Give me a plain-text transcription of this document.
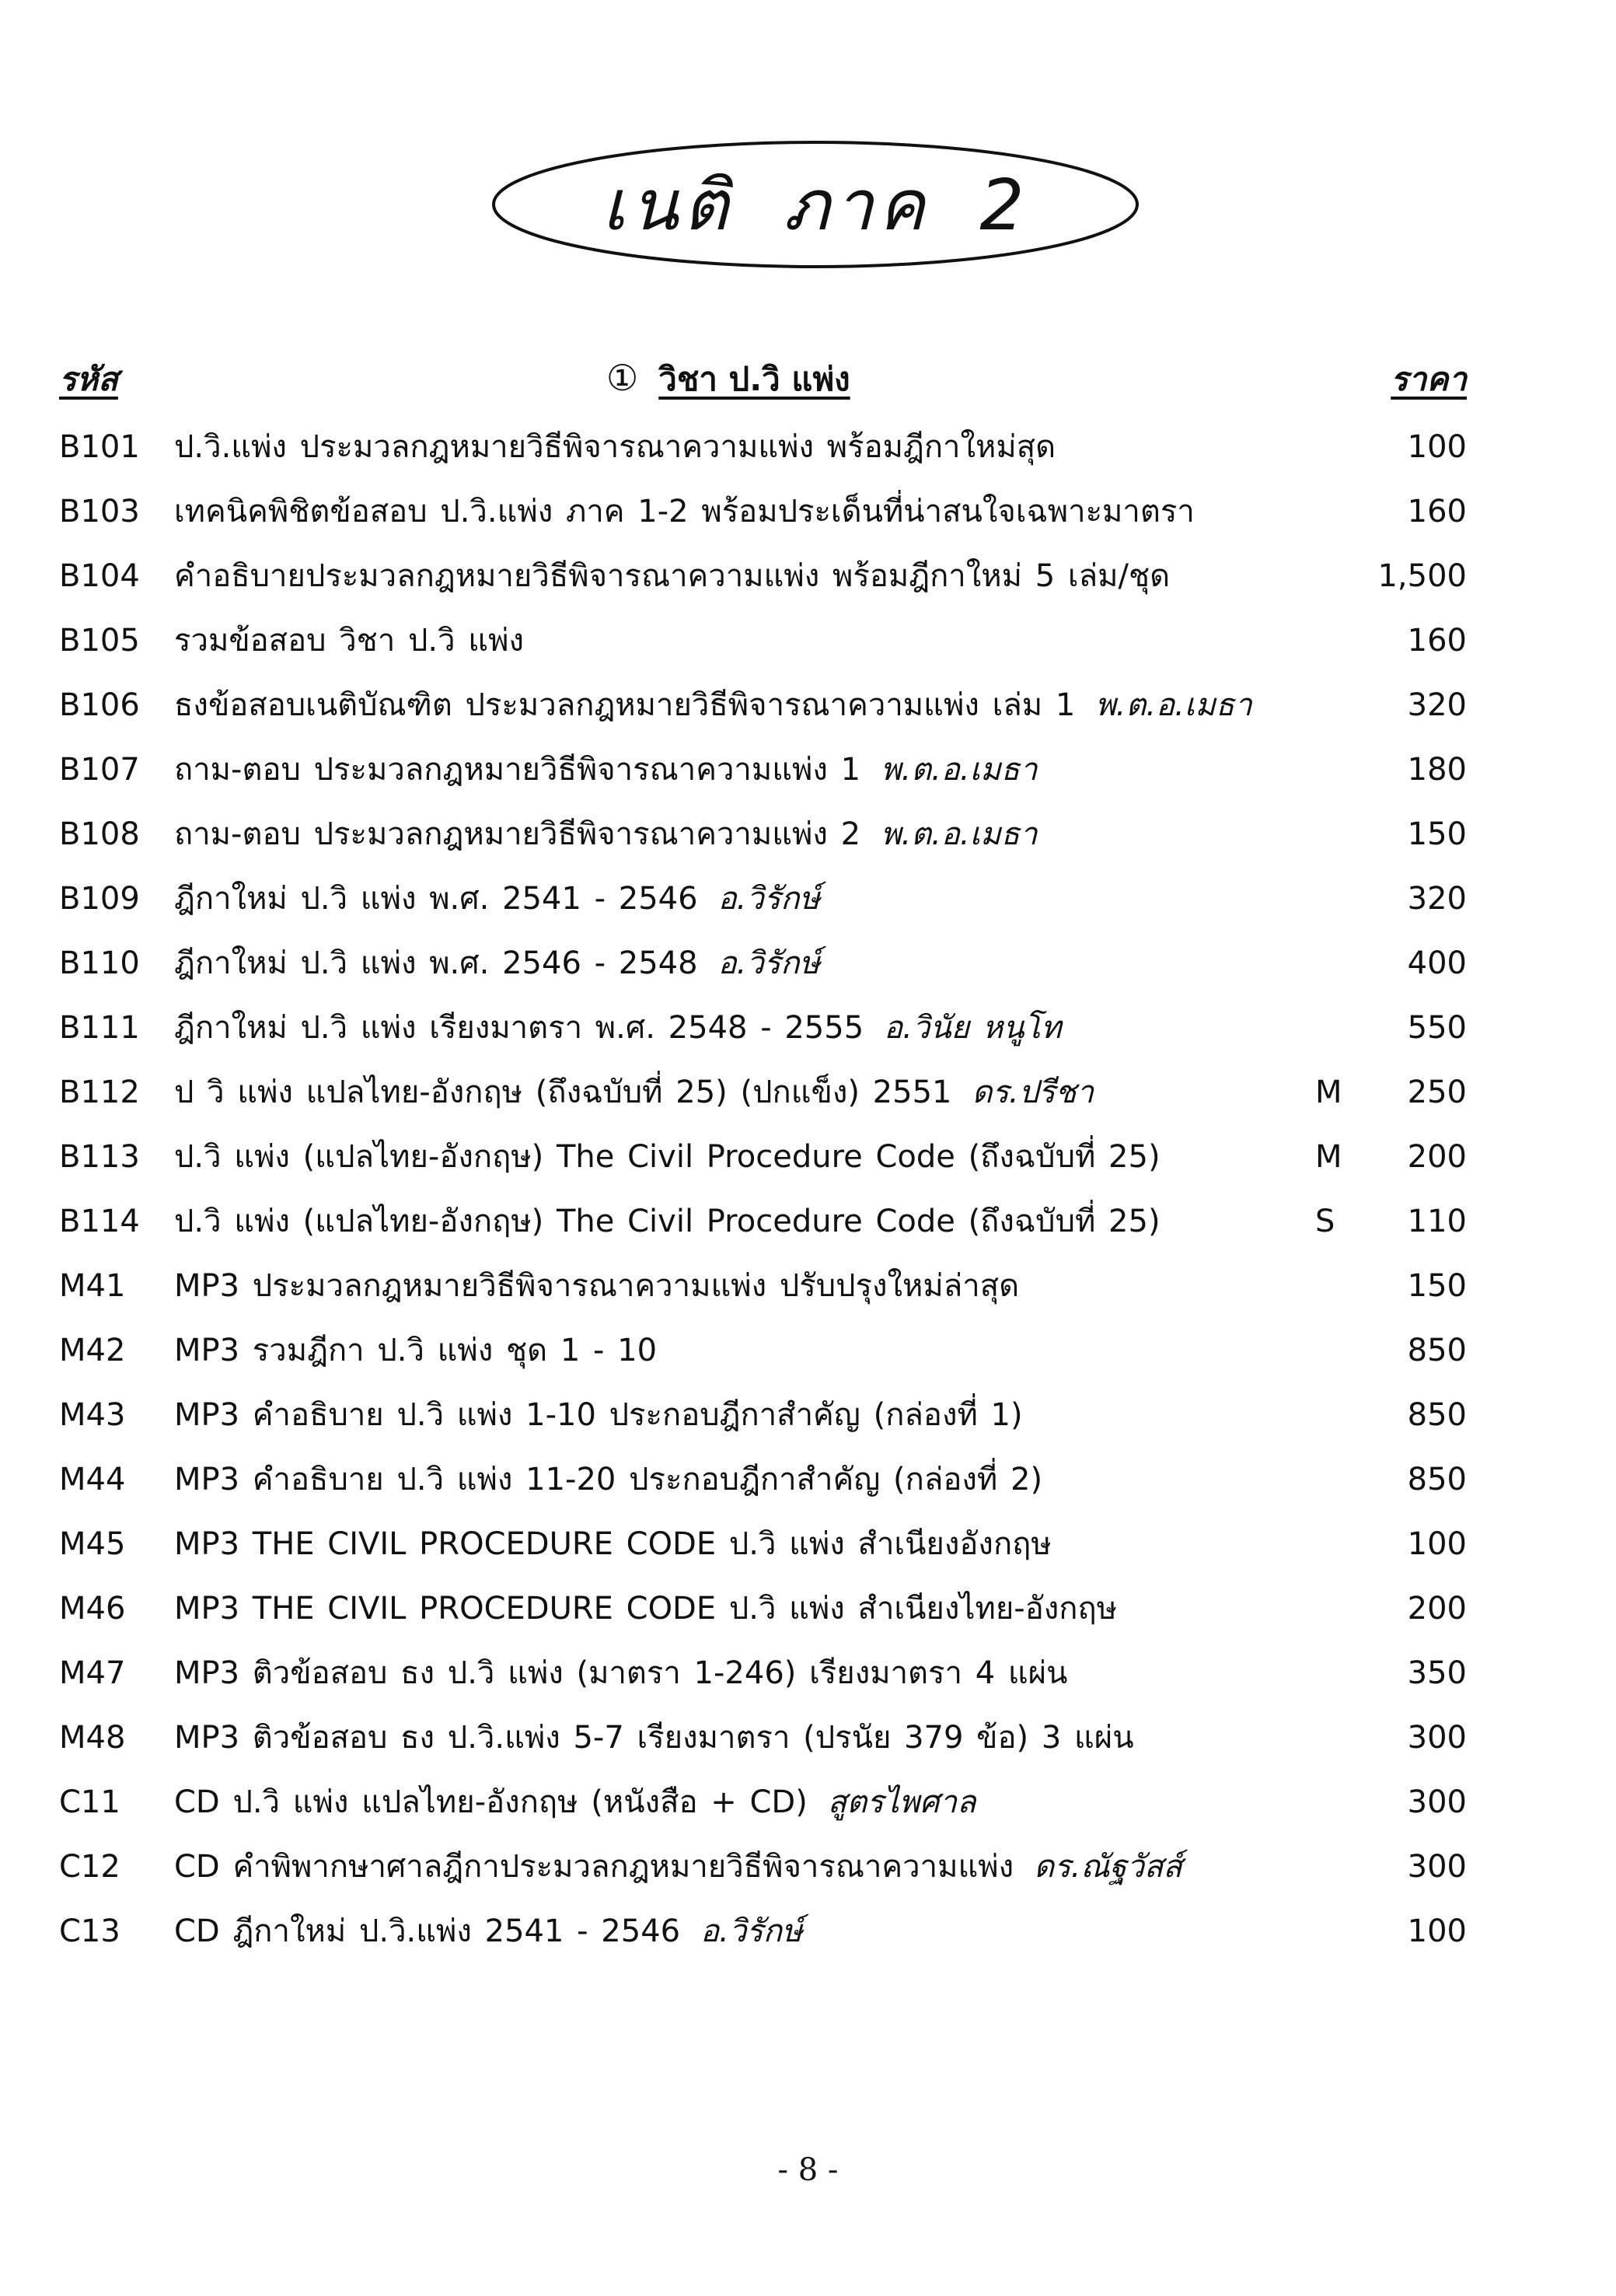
เนติ ภาค 2
รหัส	① วิชา ป.วิ แพ่ง	ราคา
B101 ป.วิ.แพ่ง ประมวลกฎหมายวิธีพิจารณาความแพ่ง พร้อมฎีกาใหม่สุด	100
B103 เทคนิคพิชิตข้อสอบ ป.วิ.แพ่ง ภาค 1-2 พร้อมประเด็นที่น่าสนใจเฉพาะมาตรา	160
B104 คำอธิบายประมวลกฎหมายวิธีพิจารณาความแพ่ง พร้อมฎีกาใหม่ 5 เล่ม/ชุด	1,500
B105 รวมข้อสอบ วิชา ป.วิ แพ่ง	160
B106 ธงข้อสอบเนติบัณฑิต ประมวลกฎหมายวิธีพิจารณาความแพ่ง เล่ม 1 พ.ต.อ.เมธา	320
B107 ถาม-ตอบ ประมวลกฎหมายวิธีพิจารณาความแพ่ง 1 พ.ต.อ.เมธา	180
B108 ถาม-ตอบ ประมวลกฎหมายวิธีพิจารณาความแพ่ง 2 พ.ต.อ.เมธา	150
B109 ฎีกาใหม่ ป.วิ แพ่ง พ.ศ. 2541 - 2546 อ.วิรักษ์	320
B110 ฎีกาใหม่ ป.วิ แพ่ง พ.ศ. 2546 - 2548 อ.วิรักษ์	400
B111 ฎีกาใหม่ ป.วิ แพ่ง เรียงมาตรา พ.ศ. 2548 - 2555 อ.วินัย หนูโท	550
B112 ป วิ แพ่ง แปลไทย-อังกฤษ (ถึงฉบับที่ 25) (ปกแข็ง) 2551 ดร.ปรีชา	M 250
B113 ป.วิ แพ่ง (แปลไทย-อังกฤษ) The Civil Procedure Code (ถึงฉบับที่ 25)	M 200
B114 ป.วิ แพ่ง (แปลไทย-อังกฤษ) The Civil Procedure Code (ถึงฉบับที่ 25)	S 110
M41 MP3 ประมวลกฎหมายวิธีพิจารณาความแพ่ง ปรับปรุงใหม่ล่าสุด	150
M42 MP3 รวมฎีกา ป.วิ แพ่ง ชุด 1 - 10	850
M43 MP3 คำอธิบาย ป.วิ แพ่ง 1-10 ประกอบฎีกาสำคัญ (กล่องที่ 1)	850
M44 MP3 คำอธิบาย ป.วิ แพ่ง 11-20 ประกอบฎีกาสำคัญ (กล่องที่ 2)	850
M45 MP3 THE CIVIL PROCEDURE CODE ป.วิ แพ่ง สำเนียงอังกฤษ	100
M46 MP3 THE CIVIL PROCEDURE CODE ป.วิ แพ่ง สำเนียงไทย-อังกฤษ	200
M47 MP3 ติวข้อสอบ ธง ป.วิ แพ่ง (มาตรา 1-246) เรียงมาตรา 4 แผ่น	350
M48 MP3 ติวข้อสอบ ธง ป.วิ.แพ่ง 5-7 เรียงมาตรา (ปรนัย 379 ข้อ) 3 แผ่น	300
C11 CD ป.วิ แพ่ง แปลไทย-อังกฤษ (หนังสือ + CD) สูตรไพศาล	300
C12 CD คำพิพากษาศาลฎีกาประมวลกฎหมายวิธีพิจารณาความแพ่ง ดร.ณัฐวัสส์	300
C13 CD ฎีกาใหม่ ป.วิ.แพ่ง 2541 - 2546 อ.วิรักษ์	100
- 8 -
